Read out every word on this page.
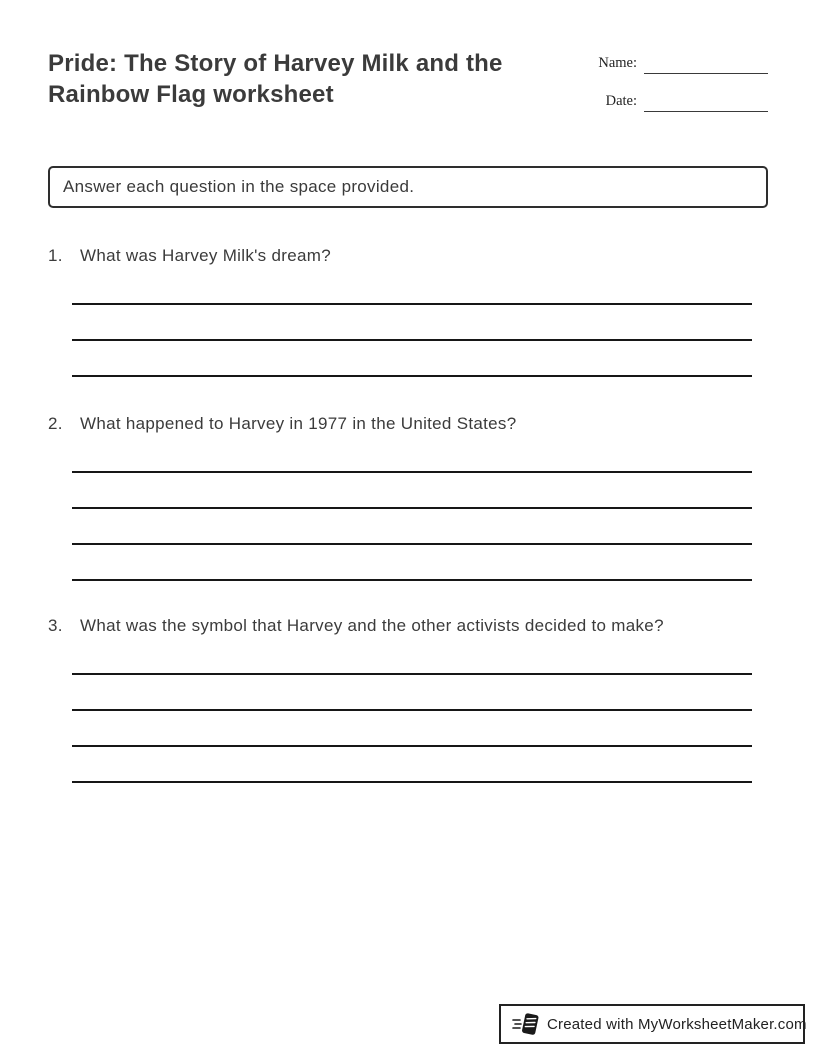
Pride: The Story of Harvey Milk and the Rainbow Flag worksheet
Name:
Date:
Answer each question in the space provided.
1. What was Harvey Milk's dream?
2. What happened to Harvey in 1977 in the United States?
3. What was the symbol that Harvey and the other activists decided to make?
Created with MyWorksheetMaker.com
